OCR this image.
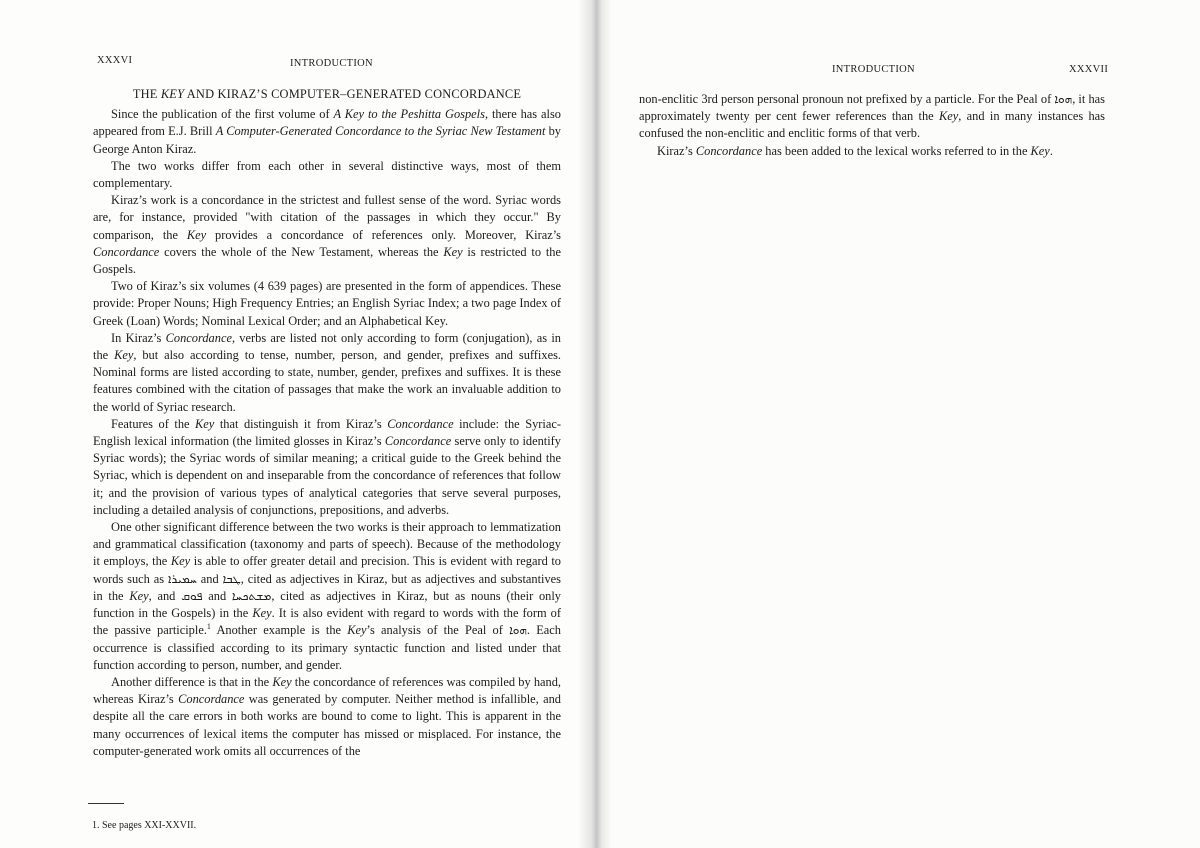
XXXVI	INTRODUCTION
THE KEY AND KIRAZ’S COMPUTER–GENERATED CONCORDANCE

Since the publication of the first volume of A Key to the Peshitta Gospels, there has also appeared from E.J. Brill A Computer-Generated Concordance to the Syriac New Testament by George Anton Kiraz.

The two works differ from each other in several distinctive ways, most of them complementary.

Kiraz’s work is a concordance in the strictest and fullest sense of the word. Syriac words are, for instance, provided "with citation of the passages in which they occur." By comparison, the Key provides a concordance of references only. Moreover, Kiraz’s Concordance covers the whole of the New Testament, whereas the Key is restricted to the Gospels.

Two of Kiraz’s six volumes (4 639 pages) are presented in the form of appendices. These provide: Proper Nouns; High Frequency Entries; an English Syriac Index; a two page Index of Greek (Loan) Words; Nominal Lexical Order; and an Alphabetical Key.

In Kiraz’s Concordance, verbs are listed not only according to form (conjugation), as in the Key, but also according to tense, number, person, and gender, prefixes and suffixes. Nominal forms are listed according to state, number, gender, prefixes and suffixes. It is these features combined with the citation of passages that make the work an invaluable addition to the world of Syriac research.

Features of the Key that distinguish it from Kiraz’s Concordance include: the Syriac-English lexical information (the limited glosses in Kiraz’s Concordance serve only to identify Syriac words); the Syriac words of similar meaning; a critical guide to the Greek behind the Syriac, which is dependent on and inseparable from the concordance of references that follow it; and the provision of various types of analytical categories that serve several purposes, including a detailed analysis of conjunctions, prepositions, and adverbs.

One other significant difference between the two works is their approach to lemmatization and grammatical classification (taxonomy and parts of speech). Because of the methodology it employs, the Key is able to offer greater detail and precision. This is evident with regard to words such as ܚܡܝܪܐ and ܛܒܐ, cited as adjectives in Kiraz, but as adjectives and substantives in the Key, and ܦܘܩ and ܡܫܬܟܚܐ, cited as adjectives in Kiraz, but as nouns (their only function in the Gospels) in the Key. It is also evident with regard to words with the form of the passive participle.$^1$ Another example is the Key’s analysis of the Peal of ܗܘܐ. Each occurrence is classified according to its primary syntactic function and listed under that function according to person, number, and gender.

Another difference is that in the Key the concordance of references was compiled by hand, whereas Kiraz’s Concordance was generated by computer. Neither method is infallible, and despite all the care errors in both works are bound to come to light. This is apparent in the many occurrences of lexical items the computer has missed or misplaced. For instance, the computer-generated work omits all occurrences of the

1. See pages XXI-XXVII.
INTRODUCTION	XXXVII

non-enclitic 3rd person personal pronoun not prefixed by a particle. For the Peal of ܗܘܐ, it has approximately twenty per cent fewer references than the Key, and in many instances has confused the non-enclitic and enclitic forms of that verb.

Kiraz’s Concordance has been added to the lexical works referred to in the Key.
